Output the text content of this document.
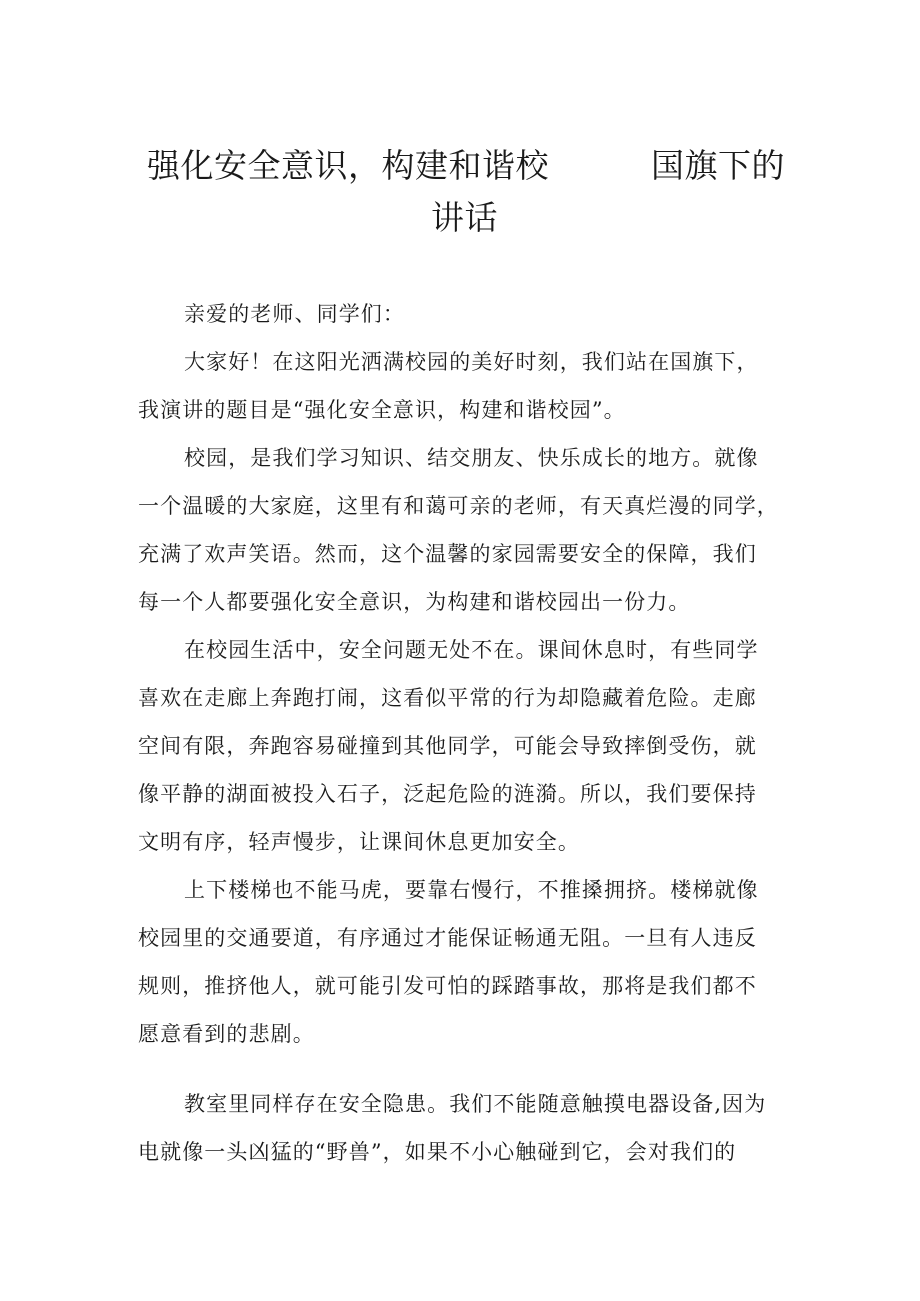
强化安全意识，构建和谐校	国旗下的
讲话

亲爱的老师、同学们：

大家好！在这阳光洒满校园的美好时刻，我们站在国旗下，
我演讲的题目是“强化安全意识，构建和谐校园”。

校园，是我们学习知识、结交朋友、快乐成长的地方。就像
一个温暖的大家庭，这里有和蔼可亲的老师，有天真烂漫的同学，
充满了欢声笑语。然而，这个温馨的家园需要安全的保障，我们
每一个人都要强化安全意识，为构建和谐校园出一份力。

在校园生活中，安全问题无处不在。课间休息时，有些同学
喜欢在走廊上奔跑打闹，这看似平常的行为却隐藏着危险。走廊
空间有限，奔跑容易碰撞到其他同学，可能会导致摔倒受伤，就
像平静的湖面被投入石子，泛起危险的涟漪。所以，我们要保持
文明有序，轻声慢步，让课间休息更加安全。

上下楼梯也不能马虎，要靠右慢行，不推搡拥挤。楼梯就像
校园里的交通要道，有序通过才能保证畅通无阻。一旦有人违反
规则，推挤他人，就可能引发可怕的踩踏事故，那将是我们都不
愿意看到的悲剧。

教室里同样存在安全隐患。我们不能随意触摸电器设备,因为
电就像一头凶猛的“野兽”，如果不小心触碰到它，会对我们的
